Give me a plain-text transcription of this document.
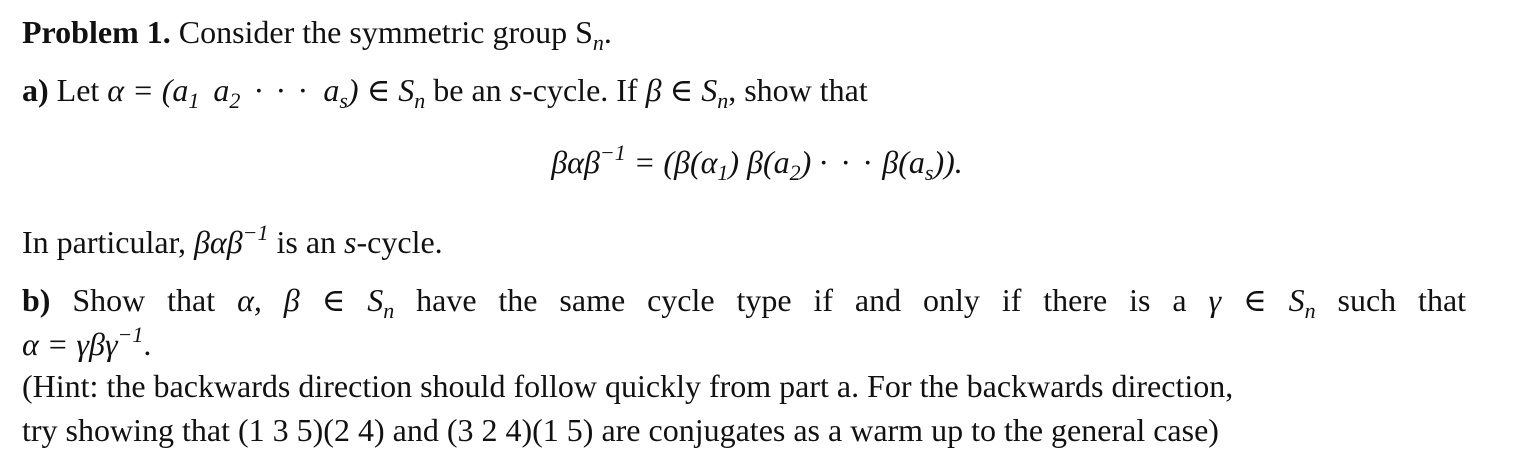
Problem 1. Consider the symmetric group $S_n$.
a) Let $\alpha = (a_1$ $a_2$ · · · $a_s$) ∈ $S_n$ be an s-cycle. If β ∈ $S_n$, show that
$\beta\alpha\beta^{-1} = (\beta(\alpha_1) \beta(a_2)$ · · · $\beta(a_s)$).
In particular, βαβ$^{-1}$ is an s-cycle.
b) Show that α, β ∈ $S_n$ have the same cycle type if and only if there is a γ ∈ $S_n$ such that
α = γβγ$^{-1}$.
(Hint: the backwards direction should follow quickly from part a. For the backwards direction,
try showing that (1 3 5)(2 4) and (3 2 4)(1 5) are conjugates as a warm up to the general case)
